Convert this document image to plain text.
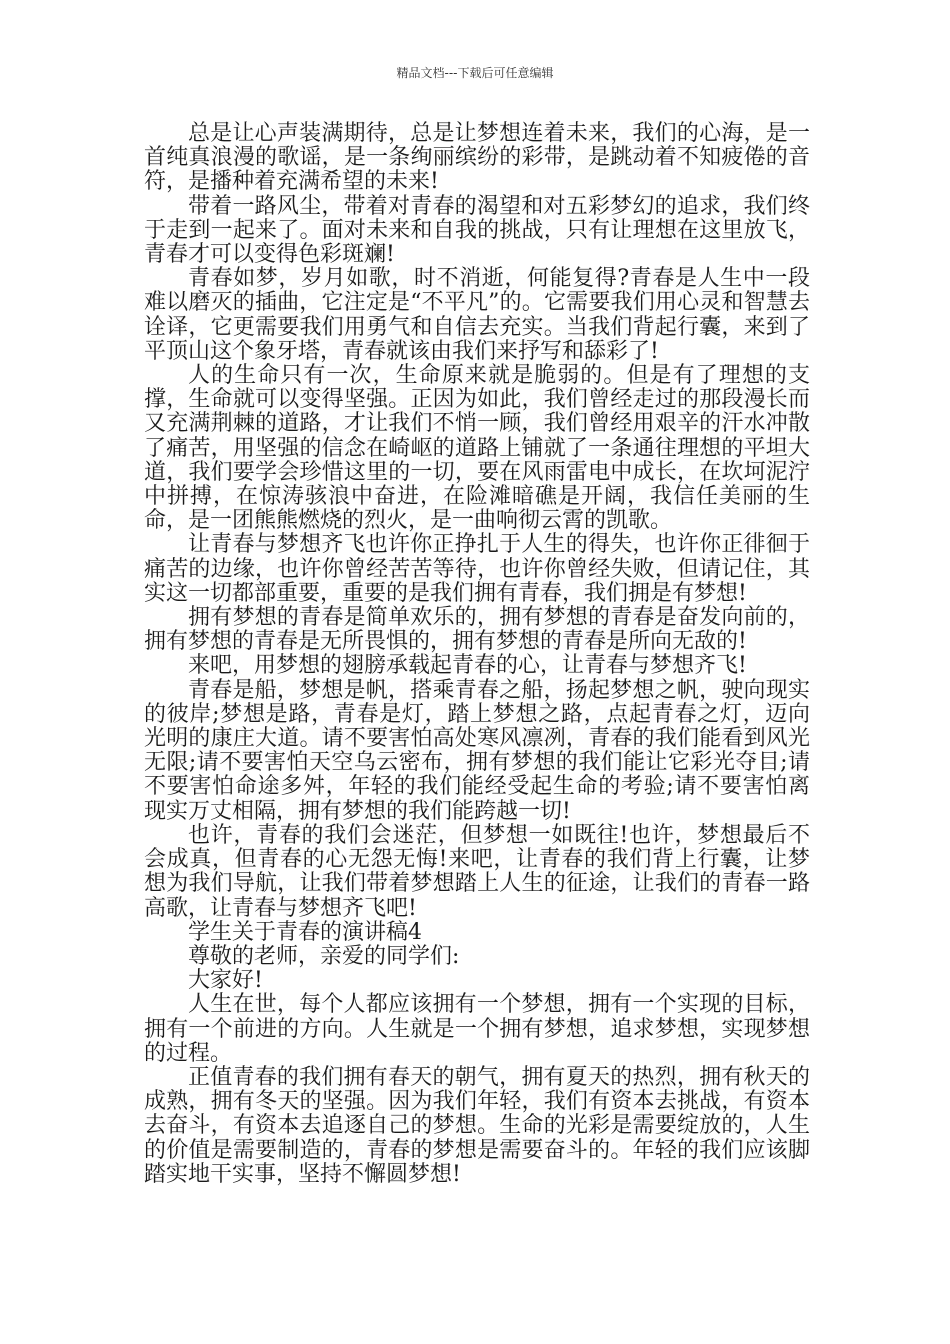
精品文档---下载后可任意编辑

总是让心声装满期待，总是让梦想连着未来，我们的心海，是一首纯真浪漫的歌谣，是一条绚丽缤纷的彩带，是跳动着不知疲倦的音符，是播种着充满希望的未来!

带着一路风尘，带着对青春的渴望和对五彩梦幻的追求，我们终于走到一起来了。面对未来和自我的挑战，只有让理想在这里放飞，青春才可以变得色彩斑斓!

青春如梦，岁月如歌，时不消逝，何能复得?青春是人生中一段难以磨灭的插曲，它注定是“不平凡”的。它需要我们用心灵和智慧去诠译，它更需要我们用勇气和自信去充实。当我们背起行囊，来到了平顶山这个象牙塔，青春就该由我们来抒写和舔彩了!

人的生命只有一次，生命原来就是脆弱的。但是有了理想的支撑，生命就可以变得坚强。正因为如此，我们曾经走过的那段漫长而又充满荆棘的道路，才让我们不悄一顾，我们曾经用艰辛的汗水冲散了痛苦，用坚强的信念在崎岖的道路上铺就了一条通往理想的平坦大道，我们要学会珍惜这里的一切，要在风雨雷电中成长，在坎坷泥泞中拼搏，在惊涛骇浪中奋进，在险滩暗礁是开阔，我信任美丽的生命，是一团熊熊燃烧的烈火，是一曲响彻云霄的凯歌。

让青春与梦想齐飞也许你正挣扎于人生的得失，也许你正徘徊于痛苦的边缘，也许你曾经苦苦等待，也许你曾经失败，但请记住，其实这一切都部重要，重要的是我们拥有青春，我们拥是有梦想!

拥有梦想的青春是简单欢乐的，拥有梦想的青春是奋发向前的，拥有梦想的青春是无所畏惧的，拥有梦想的青春是所向无敌的!

来吧，用梦想的翅膀承载起青春的心，让青春与梦想齐飞!

青春是船，梦想是帆，搭乘青春之船，扬起梦想之帆，驶向现实的彼岸;梦想是路，青春是灯，踏上梦想之路，点起青春之灯，迈向光明的康庄大道。请不要害怕高处寒风凛冽，青春的我们能看到风光无限;请不要害怕天空乌云密布，拥有梦想的我们能让它彩光夺目;请不要害怕命途多舛，年轻的我们能经受起生命的考验;请不要害怕离现实万丈相隔，拥有梦想的我们能跨越一切!

也许，青春的我们会迷茫，但梦想一如既往!也许，梦想最后不会成真，但青春的心无怨无悔!来吧，让青春的我们背上行囊，让梦想为我们导航，让我们带着梦想踏上人生的征途，让我们的青春一路高歌，让青春与梦想齐飞吧!

学生关于青春的演讲稿4

尊敬的老师，亲爱的同学们:

大家好!

人生在世，每个人都应该拥有一个梦想，拥有一个实现的目标，拥有一个前进的方向。人生就是一个拥有梦想，追求梦想，实现梦想的过程。

正值青春的我们拥有春天的朝气，拥有夏天的热烈，拥有秋天的成熟，拥有冬天的坚强。因为我们年轻，我们有资本去挑战，有资本去奋斗，有资本去追逐自己的梦想。生命的光彩是需要绽放的，人生的价值是需要制造的，青春的梦想是需要奋斗的。年轻的我们应该脚踏实地干实事，坚持不懈圆梦想!
